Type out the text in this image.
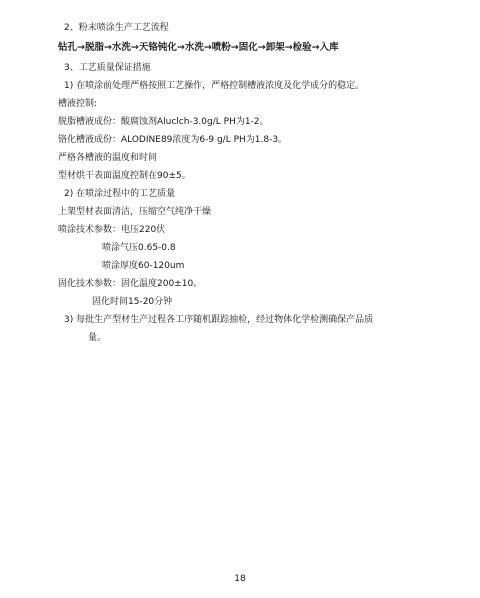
2、粉末喷涂生产工艺流程
钻孔→脱脂→水洗→天铬钝化→水洗→喷粉→固化→卸架→检验→入库
3、工艺质量保证措施
1) 在喷涂前处理严格按照工艺操作，严格控制槽液浓度及化学成分的稳定。
槽液控制:
脱脂槽液成份：酸腐蚀剂Aluclch-3.0g/L PH为1-2。
铬化槽液成份：ALODINE89浓度为6-9 g/L PH为1.8-3。
严格各槽液的温度和时间
型材烘干表面温度控制在90±5。
2) 在喷涂过程中的工艺质量
上架型材表面清洁，压缩空气纯净干燥
喷涂技术参数：电压220伏
喷涂气压0.65-0.8
喷涂厚度60-120um
固化技术参数：固化温度200±10。
固化时间15-20分钟
3) 每批生产型材生产过程各工序随机跟踪抽检，经过物体化学检测确保产品质
量。
18
